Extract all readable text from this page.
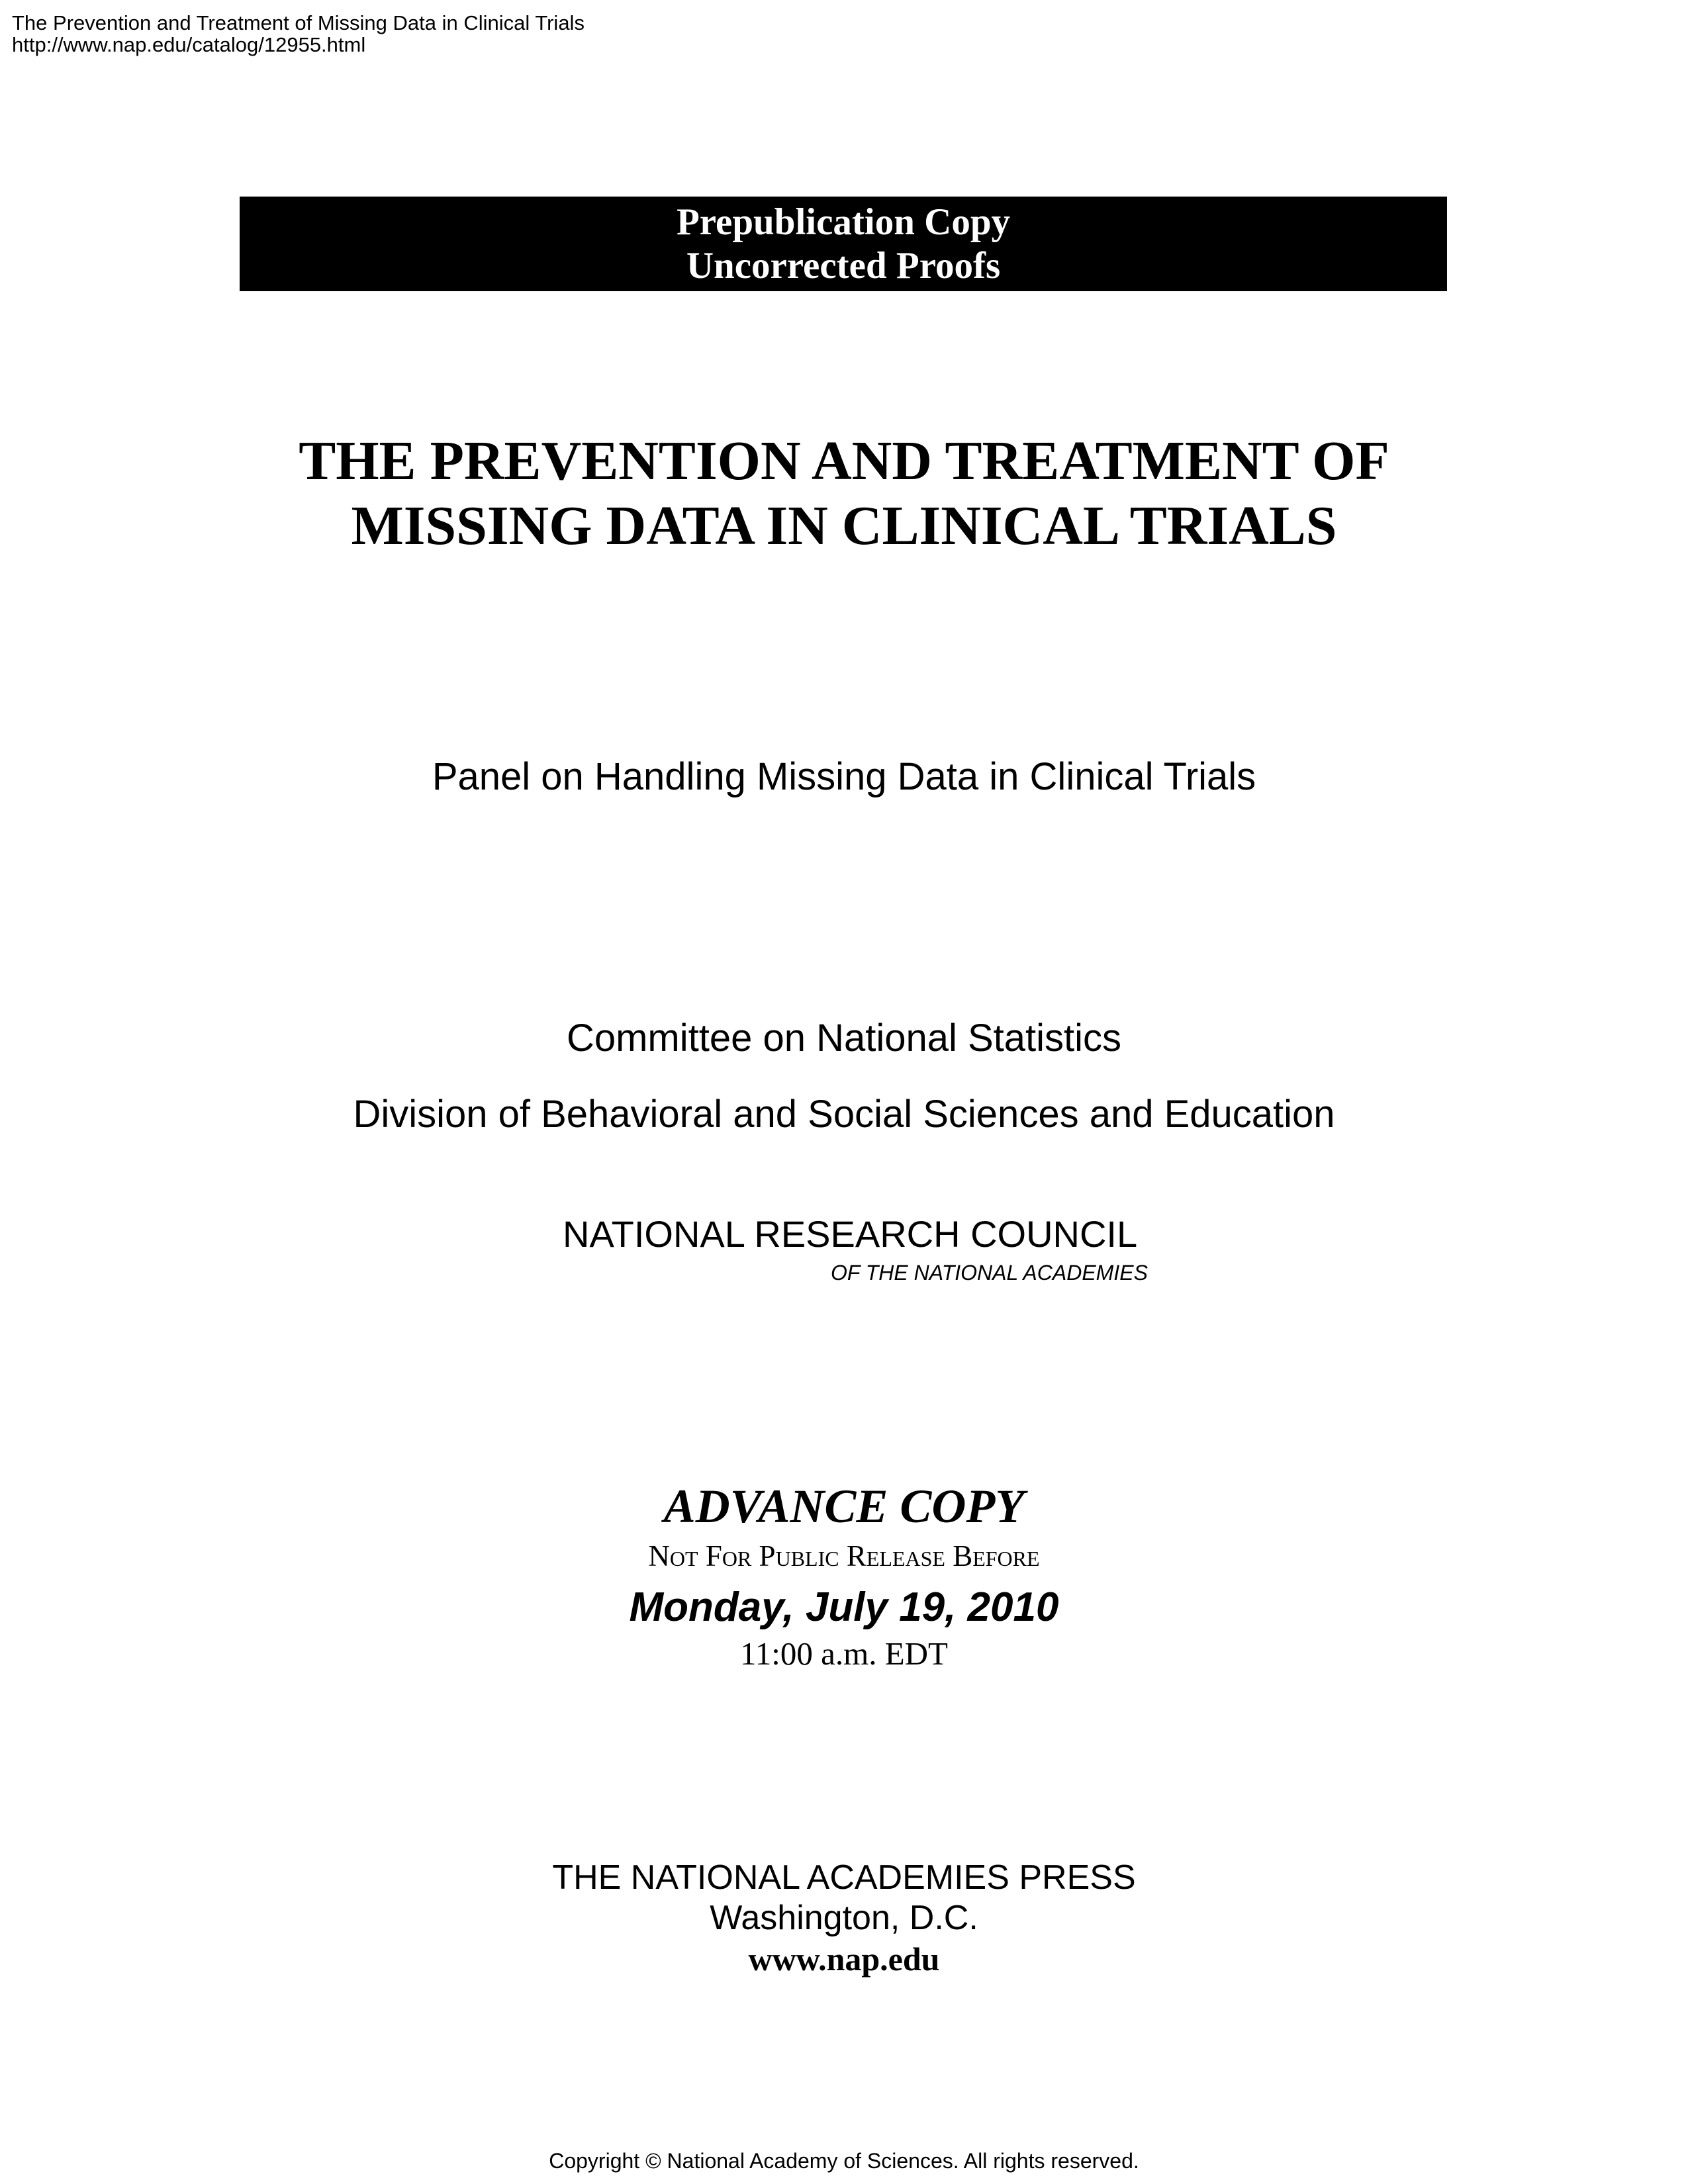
The Prevention and Treatment of Missing Data in Clinical Trials
http://www.nap.edu/catalog/12955.html
Prepublication Copy
Uncorrected Proofs
THE PREVENTION AND TREATMENT OF
MISSING DATA IN CLINICAL TRIALS
Panel on Handling Missing Data in Clinical Trials
Committee on National Statistics
Division of Behavioral and Social Sciences and Education
NATIONAL RESEARCH COUNCIL
OF THE NATIONAL ACADEMIES
ADVANCE COPY
Not For Public Release Before
Monday, July 19, 2010
11:00 a.m. EDT
THE NATIONAL ACADEMIES PRESS
Washington, D.C.
www.nap.edu
Copyright © National Academy of Sciences. All rights reserved.
